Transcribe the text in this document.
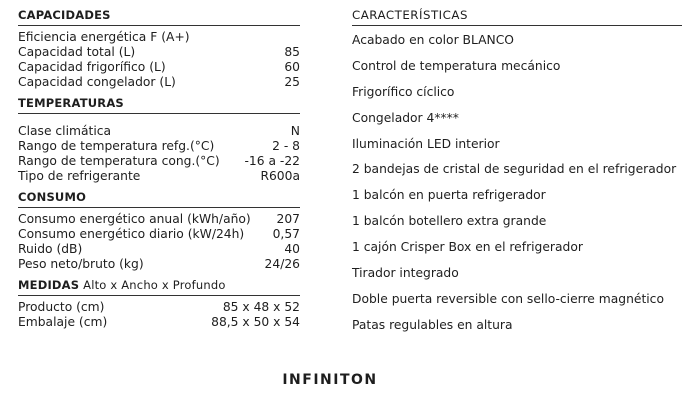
CAPACIDADES
Eficiencia energética F (A+)
Capacidad total (L)	85
Capacidad frigorífico (L)	60
Capacidad congelador (L)	25
TEMPERATURAS
Clase climática	N
Rango de temperatura refg.(°C)	2 - 8
Rango de temperatura cong.(°C) -16 a -22
Tipo de refrigerante	R600a
CONSUMO
Consumo energético anual (kWh/año) 207
Consumo energético diario (kW/24h) 0,57
Ruido (dB)	40
Peso neto/bruto (kg)	24/26
MEDIDAS Alto x Ancho x Profundo
Producto (cm)	85 x 48 x 52
Embalaje (cm)	88,5 x 50 x 54
CARACTERÍSTICAS
Acabado en color BLANCO
Control de temperatura mecánico
Frigorífico cíclico
Congelador 4****
Iluminación LED interior
2 bandejas de cristal de seguridad en el refrigerador
1 balcón en puerta refrigerador
1 balcón botellero extra grande
1 cajón Crisper Box en el refrigerador
Tirador integrado
Doble puerta reversible con sello-cierre magnético
Patas regulables en altura
INFINITON
